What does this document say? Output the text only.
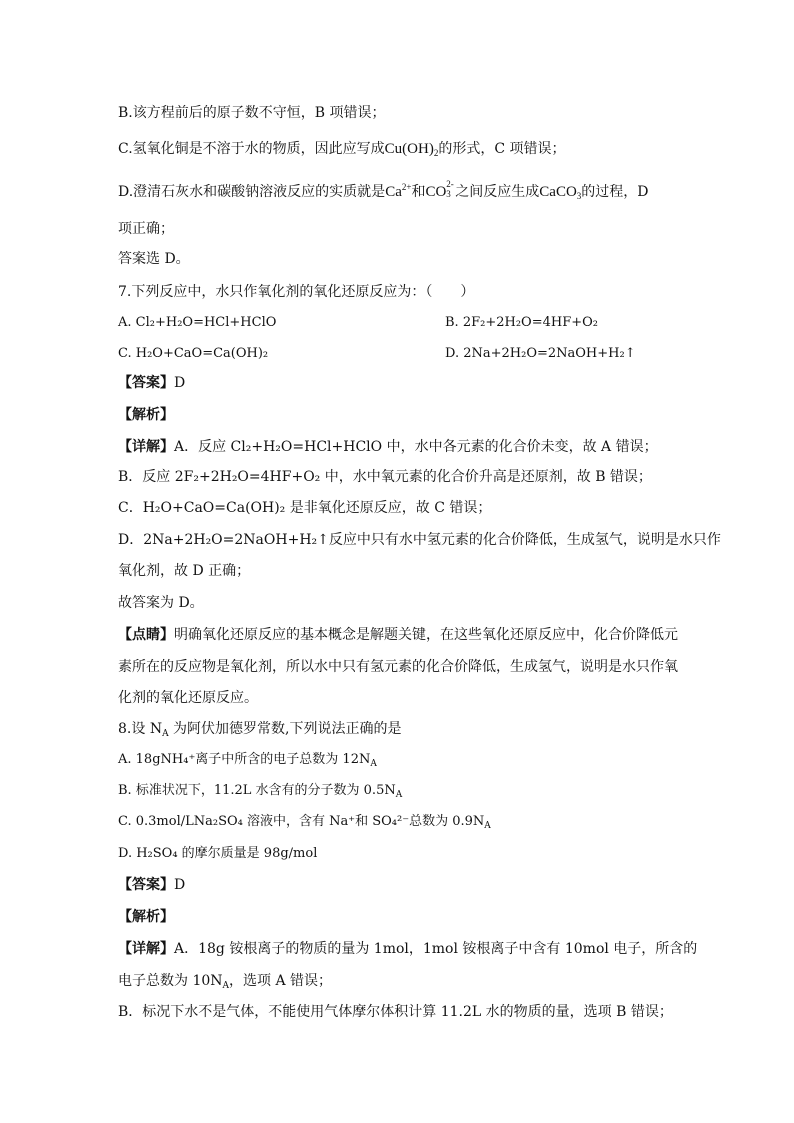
B.该方程前后的原子数不守恒，B 项错误；
C.氢氧化铜是不溶于水的物质，因此应写成$Cu(OH)_2$的形式，C 项错误；
D.澄清石灰水和碳酸钠溶液反应的实质就是$Ca^{2+}$和CO 2-
3 之间反应生成CaCO$_3$的过程，D
项正确；
答案选 D。
7.下列反应中，水只作氧化剂的氧化还原反应为：（　　）
A. Cl₂+H₂O=HCl+HClO	B. 2F₂+2H₂O=4HF+O₂
C. H₂O+CaO=Ca(OH)₂	D. 2Na+2H₂O=2NaOH+H₂↑
【答案】D
【解析】
【详解】A．反应 Cl₂+H₂O=HCl+HClO 中，水中各元素的化合价未变，故 A 错误；
B．反应 2F₂+2H₂O=4HF+O₂ 中，水中氧元素的化合价升高是还原剂，故 B 错误；
C．H₂O+CaO=Ca(OH)₂ 是非氧化还原反应，故 C 错误；
D．2Na+2H₂O=2NaOH+H₂↑反应中只有水中氢元素的化合价降低，生成氢气，说明是水只作
氧化剂，故 D 正确；
故答案为 D。
【点睛】明确氧化还原反应的基本概念是解题关键，在这些氧化还原反应中，化合价降低元
素所在的反应物是氧化剂，所以水中只有氢元素的化合价降低，生成氢气，说明是水只作氧
化剂的氧化还原反应。
8.设 $N_A$ 为阿伏加德罗常数,下列说法正确的是
A. 18gNH₄⁺离子中所含的电子总数为 $12N_A$
B. 标准状况下，11.2L 水含有的分子数为 $0.5N_A$
C. 0.3mol/LNa₂SO₄ 溶液中，含有 Na⁺和 SO₄²⁻总数为 $0.9N_A$
D. H₂SO₄ 的摩尔质量是 98g/mol
【答案】D
【解析】
【详解】A．18g 铵根离子的物质的量为 1mol，1mol 铵根离子中含有 10mol 电子，所含的
电子总数为 $10N_A$，选项 A 错误；
B．标况下水不是气体，不能使用气体摩尔体积计算 11.2L 水的物质的量，选项 B 错误；
